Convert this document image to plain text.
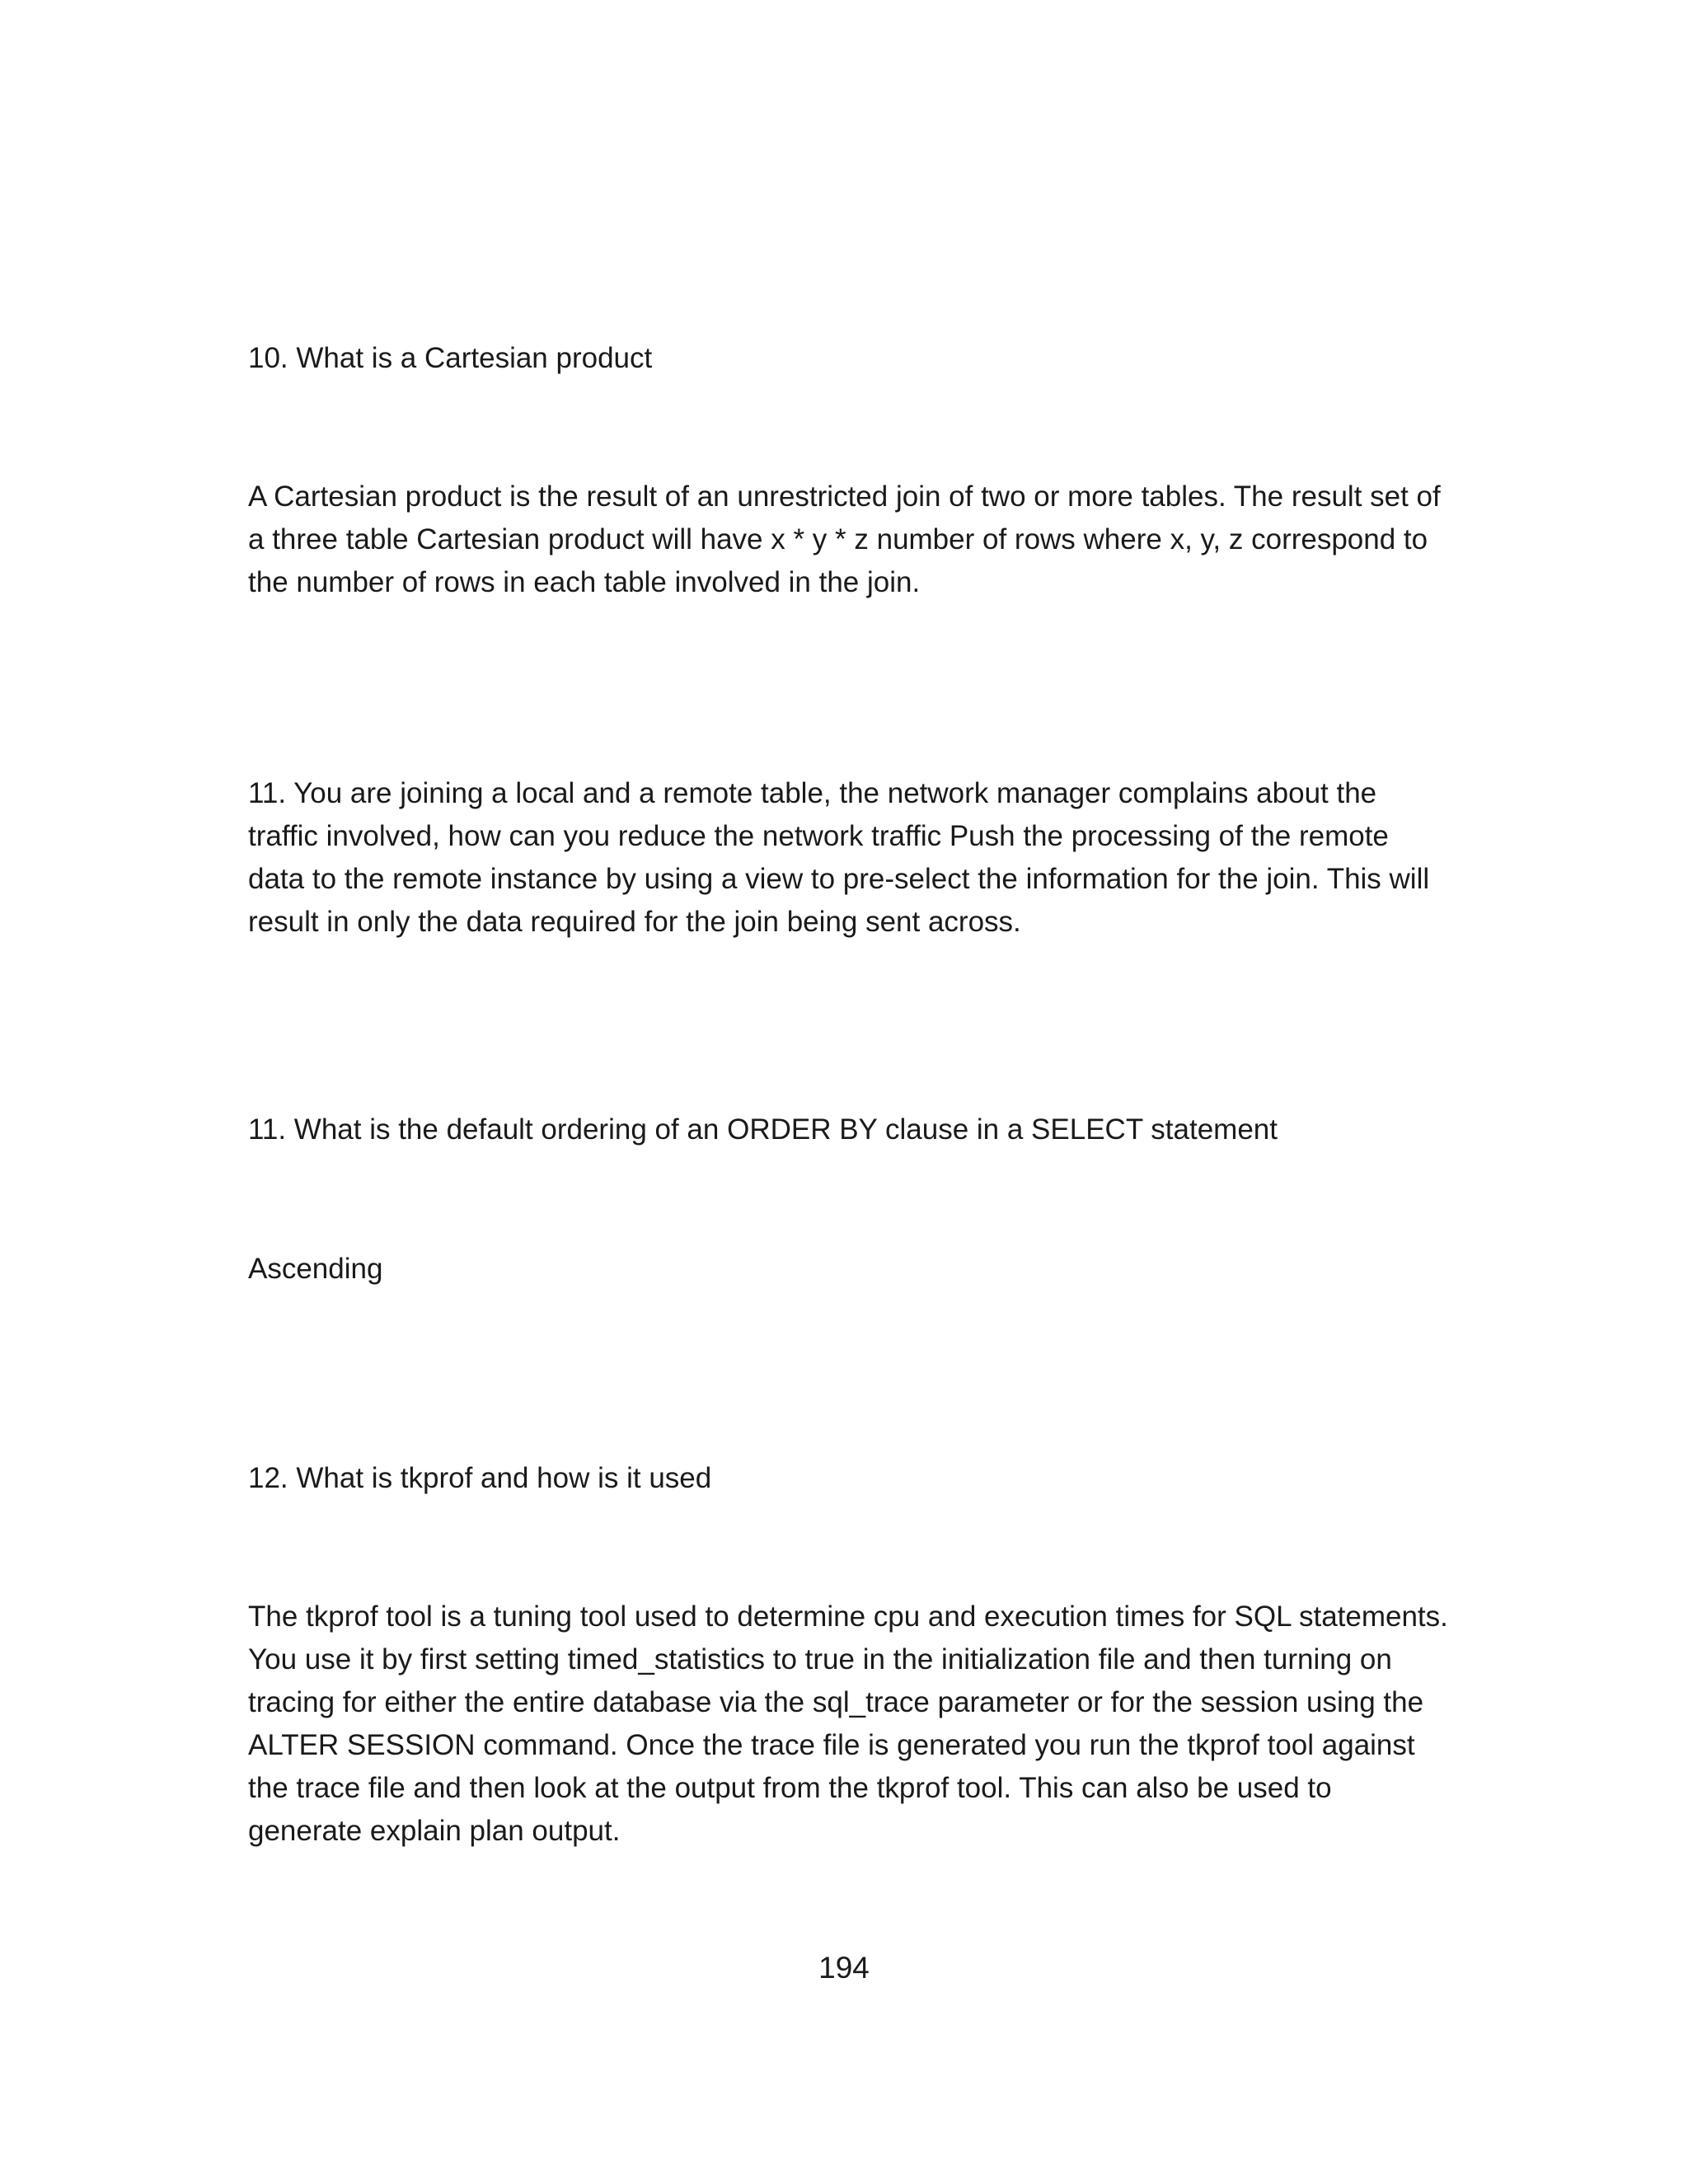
10. What is a Cartesian product

A Cartesian product is the result of an unrestricted join of two or more tables. The result set of a three table Cartesian product will have x * y * z number of rows where x, y, z correspond to the number of rows in each table involved in the join.

11. You are joining a local and a remote table, the network manager complains about the traffic involved, how can you reduce the network traffic Push the processing of the remote data to the remote instance by using a view to pre-select the information for the join. This will result in only the data required for the join being sent across.

11. What is the default ordering of an ORDER BY clause in a SELECT statement

Ascending

12. What is tkprof and how is it used

The tkprof tool is a tuning tool used to determine cpu and execution times for SQL statements. You use it by first setting timed_statistics to true in the initialization file and then turning on tracing for either the entire database via the sql_trace parameter or for the session using the ALTER SESSION command. Once the trace file is generated you run the tkprof tool against the trace file and then look at the output from the tkprof tool. This can also be used to generate explain plan output.

194
